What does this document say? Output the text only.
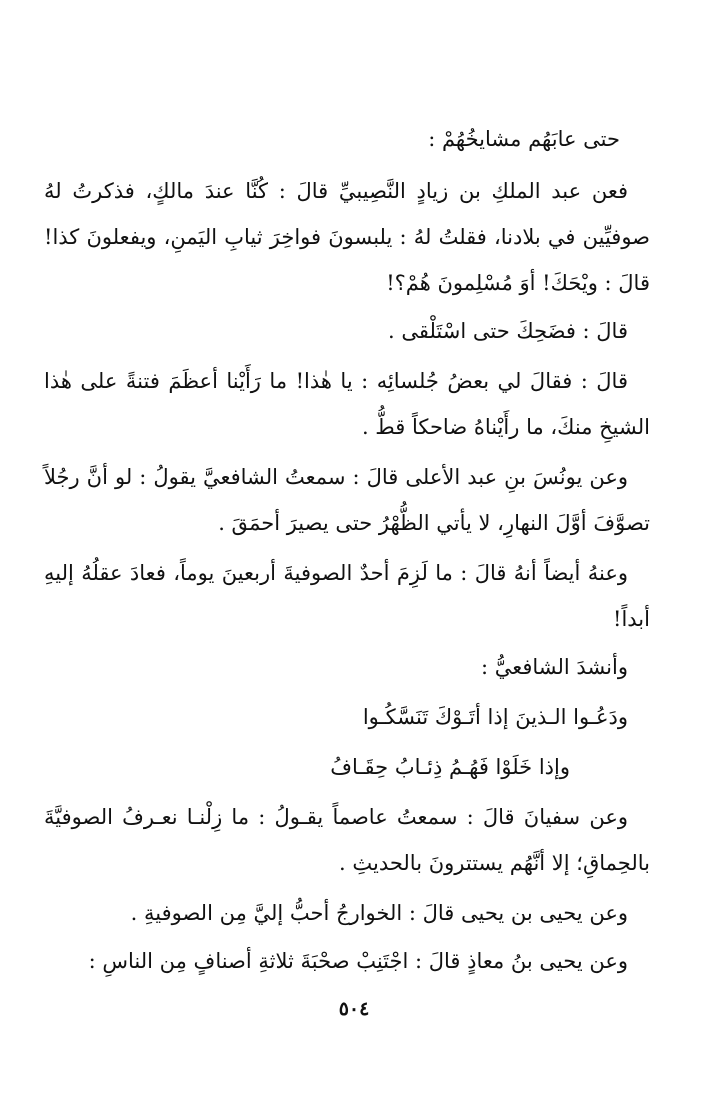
حتى عابَهُم مشايخُهُمْ :

فعن عبد الملكِ بن زيادٍ النَّصِيبيِّ قالَ : كُنَّا عندَ مالكٍ، فذكرتُ لهُ

صوفيِّين في بلادنا، فقلتُ لهُ : يلبسونَ فواخِرَ ثيابِ اليَمنِ، ويفعلونَ كذا!

قالَ : ويْحَكَ! أوَ مُسْلِمونَ هُمْ؟!

قالَ : فضَحِكَ حتى اسْتَلْقى .

قالَ : فقالَ لي بعضُ جُلسائِه : يا هٰذا! ما رَأَيْنا أعظَمَ فتنةً على هٰذا

الشيخِ منكَ، ما رأَيْناهُ ضاحكاً قطُّ .

وعن يونُسَ بنِ عبد الأعلى قالَ : سمعتُ الشافعيَّ يقولُ : لو أنَّ رجُلاً

تصوَّفَ أوَّلَ النهارِ، لا يأتي الظُّهْرُ حتى يصيرَ أحمَقَ .

وعنهُ أيضاً أنهُ قالَ : ما لَزِمَ أحدٌ الصوفيةَ أربعينَ يوماً، فعادَ عقلُهُ إليهِ

أبداً!

وأنشدَ الشافعيُّ :

ودَعُـوا الـذينَ إذا أتَـوْكَ تَنَسَّكُـوا

وإذا خَلَوْا فَهُـمُ ذِئـابُ حِقَـافُ

وعن سفيانَ قالَ : سمعتُ عاصماً يقـولُ : ما زِلْنـا نعـرفُ الصوفيَّةَ

بالحِماقِ؛ إلا أنَّهُم يستترونَ بالحديثِ .

وعن يحيى بن يحيى قالَ : الخوارجُ أحبُّ إليَّ مِن الصوفيةِ .

وعن يحيى بنُ معاذٍ قالَ : اجْتَنِبْ صحْبَةَ ثلاثةِ أصنافٍ مِن الناسِ :

٥٠٤
